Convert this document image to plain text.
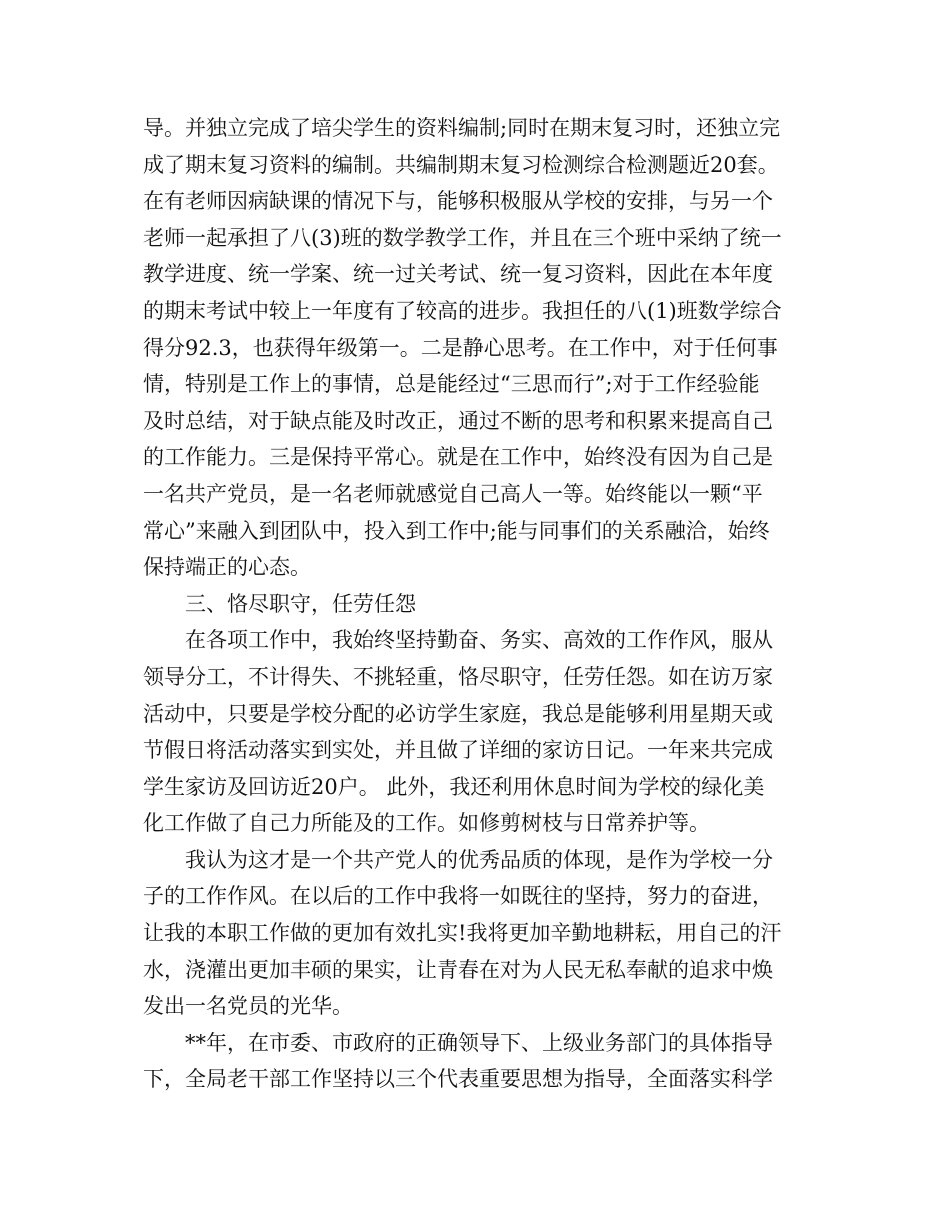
导。并独立完成了培尖学生的资料编制;同时在期末复习时，还独立完
成了期末复习资料的编制。共编制期末复习检测综合检测题近20套。
在有老师因病缺课的情况下与，能够积极服从学校的安排，与另一个
老师一起承担了八(3)班的数学教学工作，并且在三个班中采纳了统一
教学进度、统一学案、统一过关考试、统一复习资料，因此在本年度
的期末考试中较上一年度有了较高的进步。我担任的八(1)班数学综合
得分92.3，也获得年级第一。二是静心思考。在工作中，对于任何事
情，特别是工作上的事情，总是能经过“三思而行”;对于工作经验能
及时总结，对于缺点能及时改正，通过不断的思考和积累来提高自己
的工作能力。三是保持平常心。就是在工作中，始终没有因为自己是
一名共产党员，是一名老师就感觉自己高人一等。始终能以一颗“平
常心”来融入到团队中，投入到工作中;能与同事们的关系融洽，始终
保持端正的心态。
三、恪尽职守，任劳任怨
在各项工作中，我始终坚持勤奋、务实、高效的工作作风，服从
领导分工，不计得失、不挑轻重，恪尽职守，任劳任怨。如在访万家
活动中，只要是学校分配的必访学生家庭，我总是能够利用星期天或
节假日将活动落实到实处，并且做了详细的家访日记。一年来共完成
学生家访及回访近20户。 此外，我还利用休息时间为学校的绿化美
化工作做了自己力所能及的工作。如修剪树枝与日常养护等。
我认为这才是一个共产党人的优秀品质的体现，是作为学校一分
子的工作作风。在以后的工作中我将一如既往的坚持，努力的奋进，
让我的本职工作做的更加有效扎实!我将更加辛勤地耕耘，用自己的汗
水，浇灌出更加丰硕的果实，让青春在对为人民无私奉献的追求中焕
发出一名党员的光华。
**年，在市委、市政府的正确领导下、上级业务部门的具体指导
下，全局老干部工作坚持以三个代表重要思想为指导，全面落实科学
